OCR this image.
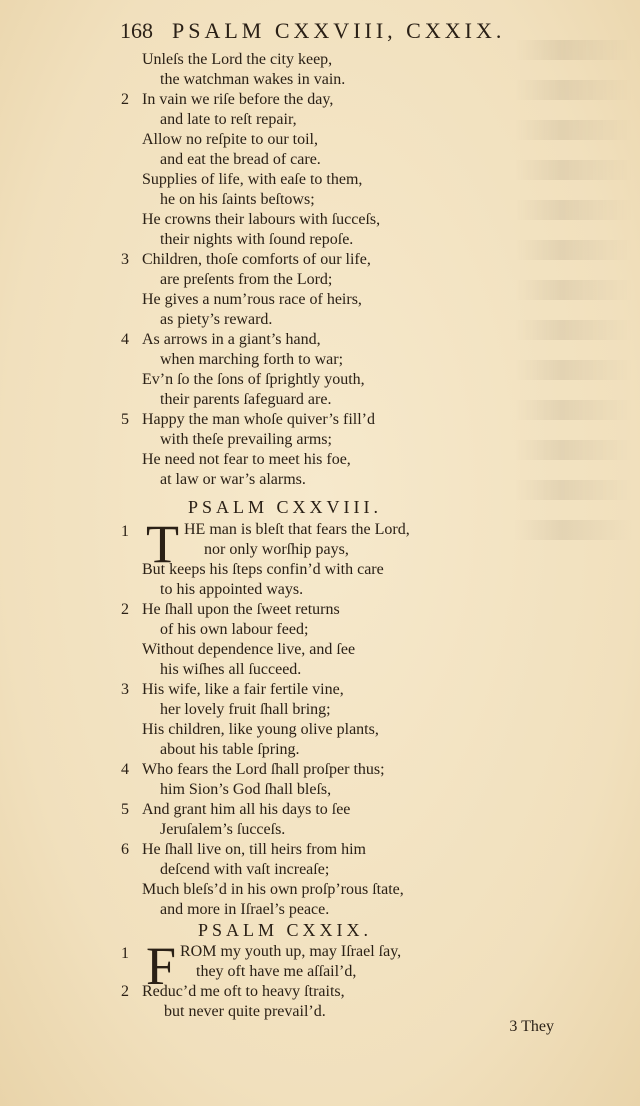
168 PSALM CXXVIII, CXXIX.
Unleſs the Lord the city keep,
the watchman wakes in vain.
2 In vain we riſe before the day,
and late to reſt repair,
Allow no reſpite to our toil,
and eat the bread of care.
Supplies of life, with eaſe to them,
he on his ſaints beſtows;
He crowns their labours with ſucceſs,
their nights with ſound repoſe.
3 Children, thoſe comforts of our life,
are preſents from the Lord;
He gives a num’rous race of heirs,
as piety’s reward.
4 As arrows in a giant’s hand,
when marching forth to war;
Ev’n ſo the ſons of ſprightly youth,
their parents ſafeguard are.
5 Happy the man whoſe quiver’s fill’d
with theſe prevailing arms;
He need not fear to meet his foe,
at law or war’s alarms.
PSALM CXXVIII.
1 T HE man is bleſt that fears the Lord,
nor only worſhip pays,
But keeps his ſteps confin’d with care
to his appointed ways.
2 He ſhall upon the ſweet returns
of his own labour feed;
Without dependence live, and ſee
his wiſhes all ſucceed.
3 His wife, like a fair fertile vine,
her lovely fruit ſhall bring;
His children, like young olive plants,
about his table ſpring.
4 Who fears the Lord ſhall proſper thus;
him Sion’s God ſhall bleſs,
5 And grant him all his days to ſee
Jeruſalem’s ſucceſs.
6 He ſhall live on, till heirs from him
deſcend with vaſt increaſe;
Much bleſs’d in his own proſp’rous ſtate,
and more in Iſrael’s peace.
PSALM CXXIX.
1 F ROM my youth up, may Iſrael ſay,
they oft have me aſſail’d,
2 Reduc’d me oft to heavy ſtraits,
but never quite prevail’d.
3 They
